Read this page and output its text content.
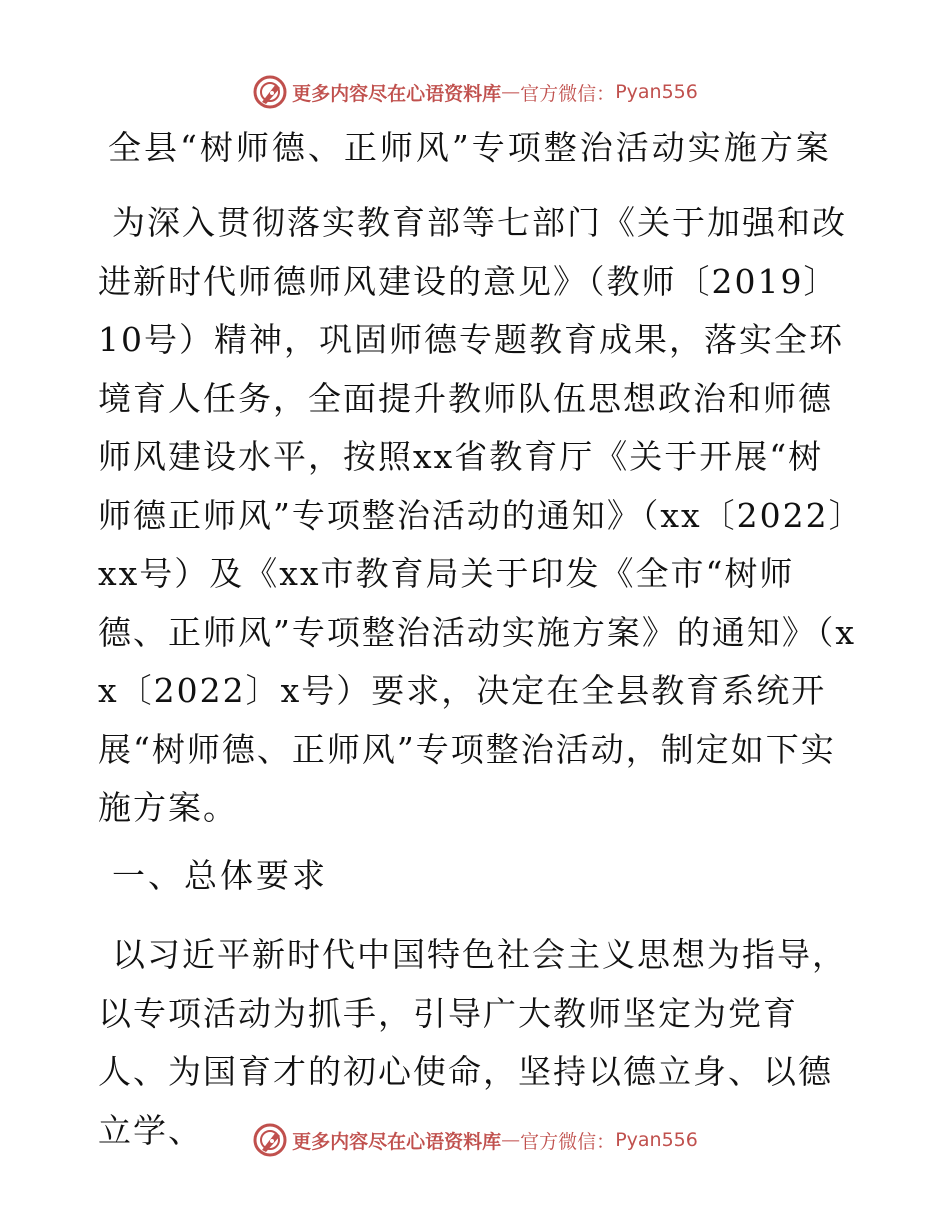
更多内容尽在心语资料库 — 官方微信： Pyan556
全县“树师德、正师风”专项整治活动实施方案
为深入贯彻落实教育部等七部门《关于加强和改进新时代师德师风建设的意见》（教师〔2019〕10号）精神，巩固师德专题教育成果，落实全环境育人任务，全面提升教师队伍思想政治和师德师风建设水平，按照xx省教育厅《关于开展“树师德正师风”专项整治活动的通知》（xx〔2022〕xx号）及《xx市教育局关于印发《全市“树师德、正师风”专项整治活动实施方案》的通知》（xx〔2022〕x号）要求，决定在全县教育系统开展“树师德、正师风”专项整治活动，制定如下实施方案。
一、总体要求
以习近平新时代中国特色社会主义思想为指导，以专项活动为抓手，引导广大教师坚定为党育人、为国育才的初心使命，坚持以德立身、以德立学、	更多内容尽在心语资料库 — 官方微信： Pyan556
